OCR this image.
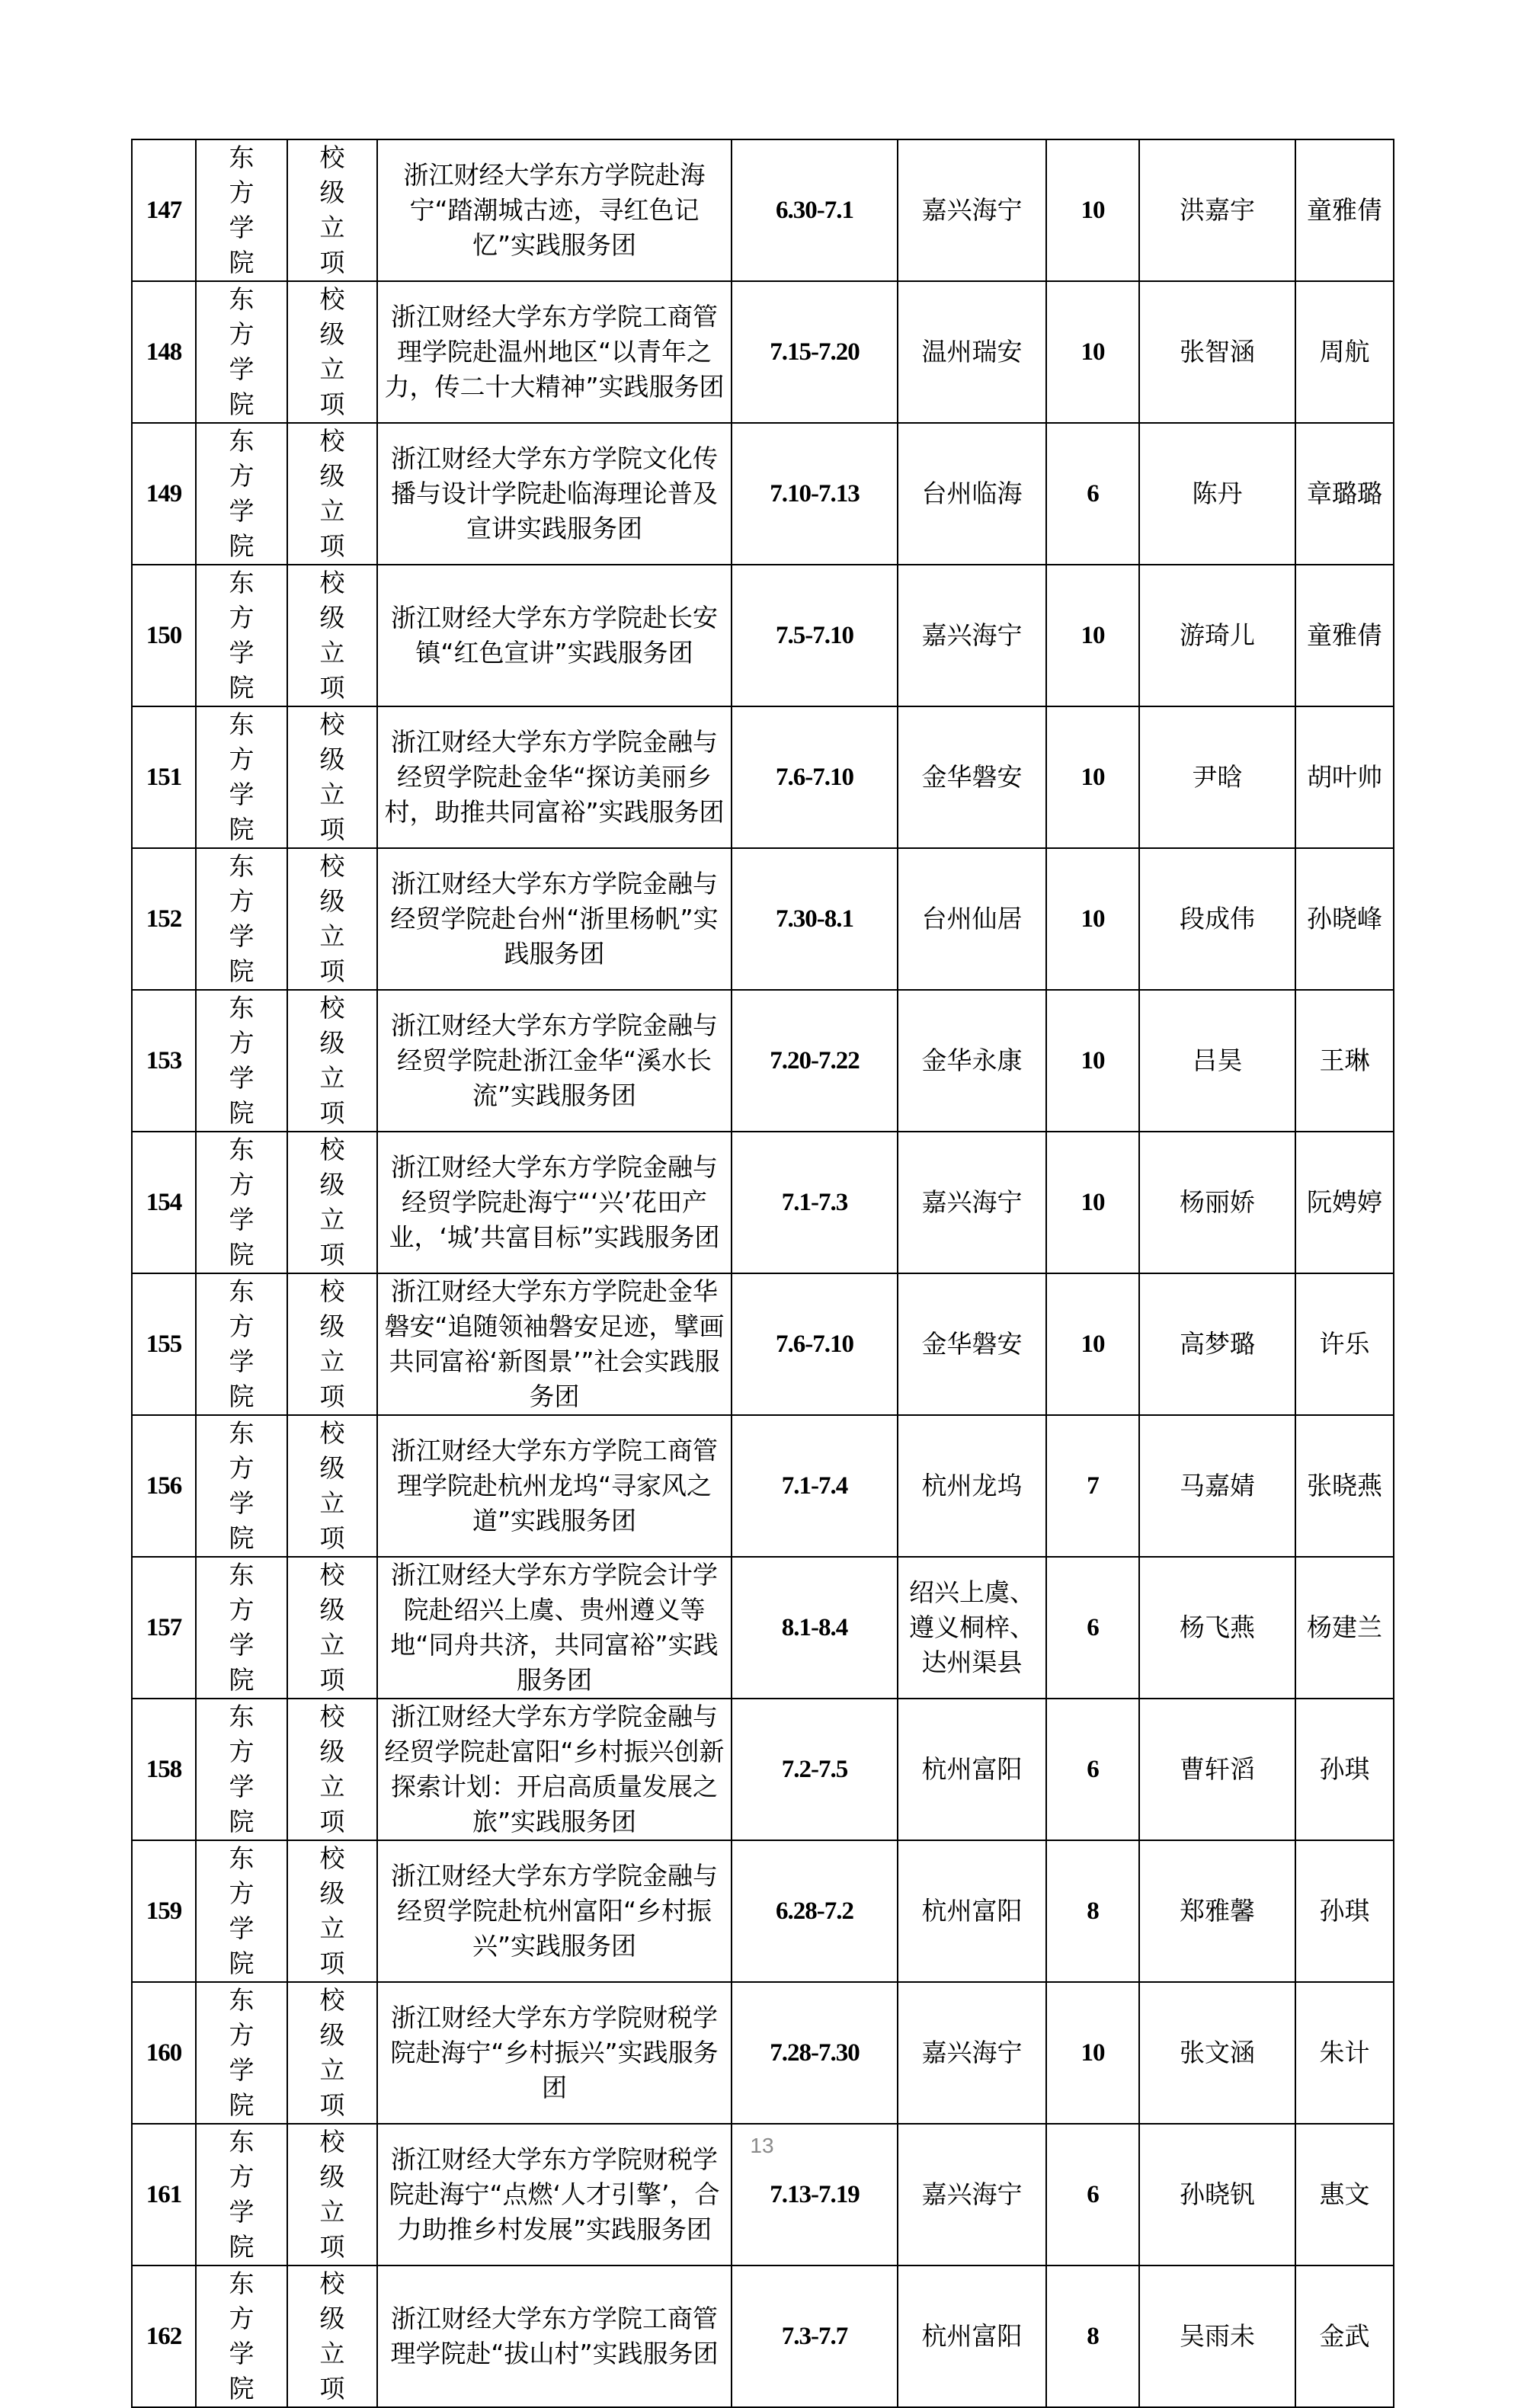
147	东方学院	校级立项	浙江财经大学东方学院赴海宁“踏潮城古迹，寻红色记忆”实践服务团	6.30-7.1	嘉兴海宁	10	洪嘉宇	童雅倩
148	东方学院	校级立项	浙江财经大学东方学院工商管理学院赴温州地区“以青年之力，传二十大精神”实践服务团	7.15-7.20	温州瑞安	10	张智涵	周航
149	东方学院	校级立项	浙江财经大学东方学院文化传播与设计学院赴临海理论普及宣讲实践服务团	7.10-7.13	台州临海	6	陈丹	章璐璐
150	东方学院	校级立项	浙江财经大学东方学院赴长安镇“红色宣讲”实践服务团	7.5-7.10	嘉兴海宁	10	游琦儿	童雅倩
151	东方学院	校级立项	浙江财经大学东方学院金融与经贸学院赴金华“探访美丽乡村，助推共同富裕”实践服务团	7.6-7.10	金华磐安	10	尹晗	胡叶帅
152	东方学院	校级立项	浙江财经大学东方学院金融与经贸学院赴台州“浙里杨帆”实践服务团	7.30-8.1	台州仙居	10	段成伟	孙晓峰
153	东方学院	校级立项	浙江财经大学东方学院金融与经贸学院赴浙江金华“溪水长流”实践服务团	7.20-7.22	金华永康	10	吕昊	王琳
154	东方学院	校级立项	浙江财经大学东方学院金融与经贸学院赴海宁“‘兴’花田产业，‘城’共富目标”实践服务团	7.1-7.3	嘉兴海宁	10	杨丽娇	阮娉婷
155	东方学院	校级立项	浙江财经大学东方学院赴金华磐安“追随领袖磐安足迹，擘画共同富裕‘新图景’”社会实践服务团	7.6-7.10	金华磐安	10	高梦璐	许乐
156	东方学院	校级立项	浙江财经大学东方学院工商管理学院赴杭州龙坞“寻家风之道”实践服务团	7.1-7.4	杭州龙坞	7	马嘉婧	张晓燕
157	东方学院	校级立项	浙江财经大学东方学院会计学院赴绍兴上虞、贵州遵义等地“同舟共济，共同富裕”实践服务团	8.1-8.4	绍兴上虞、遵义桐梓、达州渠县	6	杨飞燕	杨建兰
158	东方学院	校级立项	浙江财经大学东方学院金融与经贸学院赴富阳“乡村振兴创新探索计划：开启高质量发展之旅”实践服务团	7.2-7.5	杭州富阳	6	曹轩滔	孙琪
159	东方学院	校级立项	浙江财经大学东方学院金融与经贸学院赴杭州富阳“乡村振兴”实践服务团	6.28-7.2	杭州富阳	8	郑雅馨	孙琪
160	东方学院	校级立项	浙江财经大学东方学院财税学院赴海宁“乡村振兴”实践服务团	7.28-7.30	嘉兴海宁	10	张文涵	朱计
161	东方学院	校级立项	浙江财经大学东方学院财税学院赴海宁“点燃‘人才引擎’，合力助推乡村发展”实践服务团	7.13-7.19	嘉兴海宁	6	孙晓钒	惠文
162	东方学院	校级立项	浙江财经大学东方学院工商管理学院赴“拔山村”实践服务团	7.3-7.7	杭州富阳	8	吴雨未	金武
13
